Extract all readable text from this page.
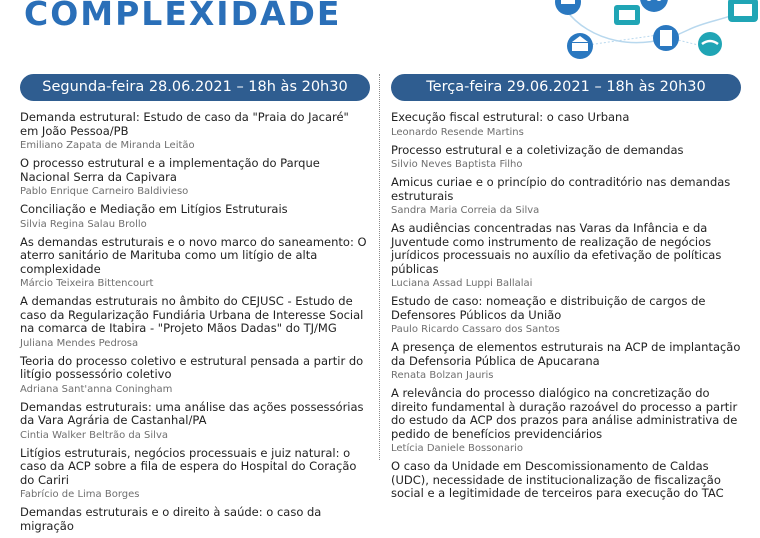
COMPLEXIDADE
Segunda-feira 28.06.2021 – 18h às 20h30
Demanda estrutural: Estudo de caso da "Praia do Jacaré" em João Pessoa/PB
Emiliano Zapata de Miranda Leitão
O processo estrutural e a implementação do Parque Nacional Serra da Capivara
Pablo Enrique Carneiro Baldivieso
Conciliação e Mediação em Litígios Estruturais
Silvia Regina Salau Brollo
As demandas estruturais e o novo marco do saneamento: O aterro sanitário de Marituba como um litígio de alta complexidade
Márcio Teixeira Bittencourt
A demandas estruturais no âmbito do CEJUSC - Estudo de caso da Regularização Fundiária Urbana de Interesse Social na comarca de Itabira - "Projeto Mãos Dadas" do TJ/MG
Juliana Mendes Pedrosa
Teoria do processo coletivo e estrutural pensada a partir do litígio possessório coletivo
Adriana Sant'anna Coningham
Demandas estruturais: uma análise das ações possessórias da Vara Agrária de Castanhal/PA
Cintia Walker Beltrão da Silva
Litígios estruturais, negócios processuais e juiz natural: o caso da ACP sobre a fila de espera do Hospital do Coração do Cariri
Fabrício de Lima Borges
Demandas estruturais e o direito à saúde: o caso da migração
Terça-feira 29.06.2021 – 18h às 20h30
Execução fiscal estrutural: o caso Urbana
Leonardo Resende Martins
Processo estrutural e a coletivização de demandas
Silvio Neves Baptista Filho
Amicus curiae e o princípio do contraditório nas demandas estruturais
Sandra Maria Correia da Silva
As audiências concentradas nas Varas da Infância e da Juventude como instrumento de realização de negócios jurídicos processuais no auxílio da efetivação de políticas públicas
Luciana Assad Luppi Ballalai
Estudo de caso: nomeação e distribuição de cargos de Defensores Públicos da União
Paulo Ricardo Cassaro dos Santos
A presença de elementos estruturais na ACP de implantação da Defensoria Pública de Apucarana
Renata Bolzan Jauris
A relevância do processo dialógico na concretização do direito fundamental à duração razoável do processo a partir do estudo da ACP dos prazos para análise administrativa de pedido de benefícios previdenciários
Letícia Daniele Bossonario
O caso da Unidade em Descomissionamento de Caldas (UDC), necessidade de institucionalização de fiscalização social e a legitimidade de terceiros para execução do TAC
